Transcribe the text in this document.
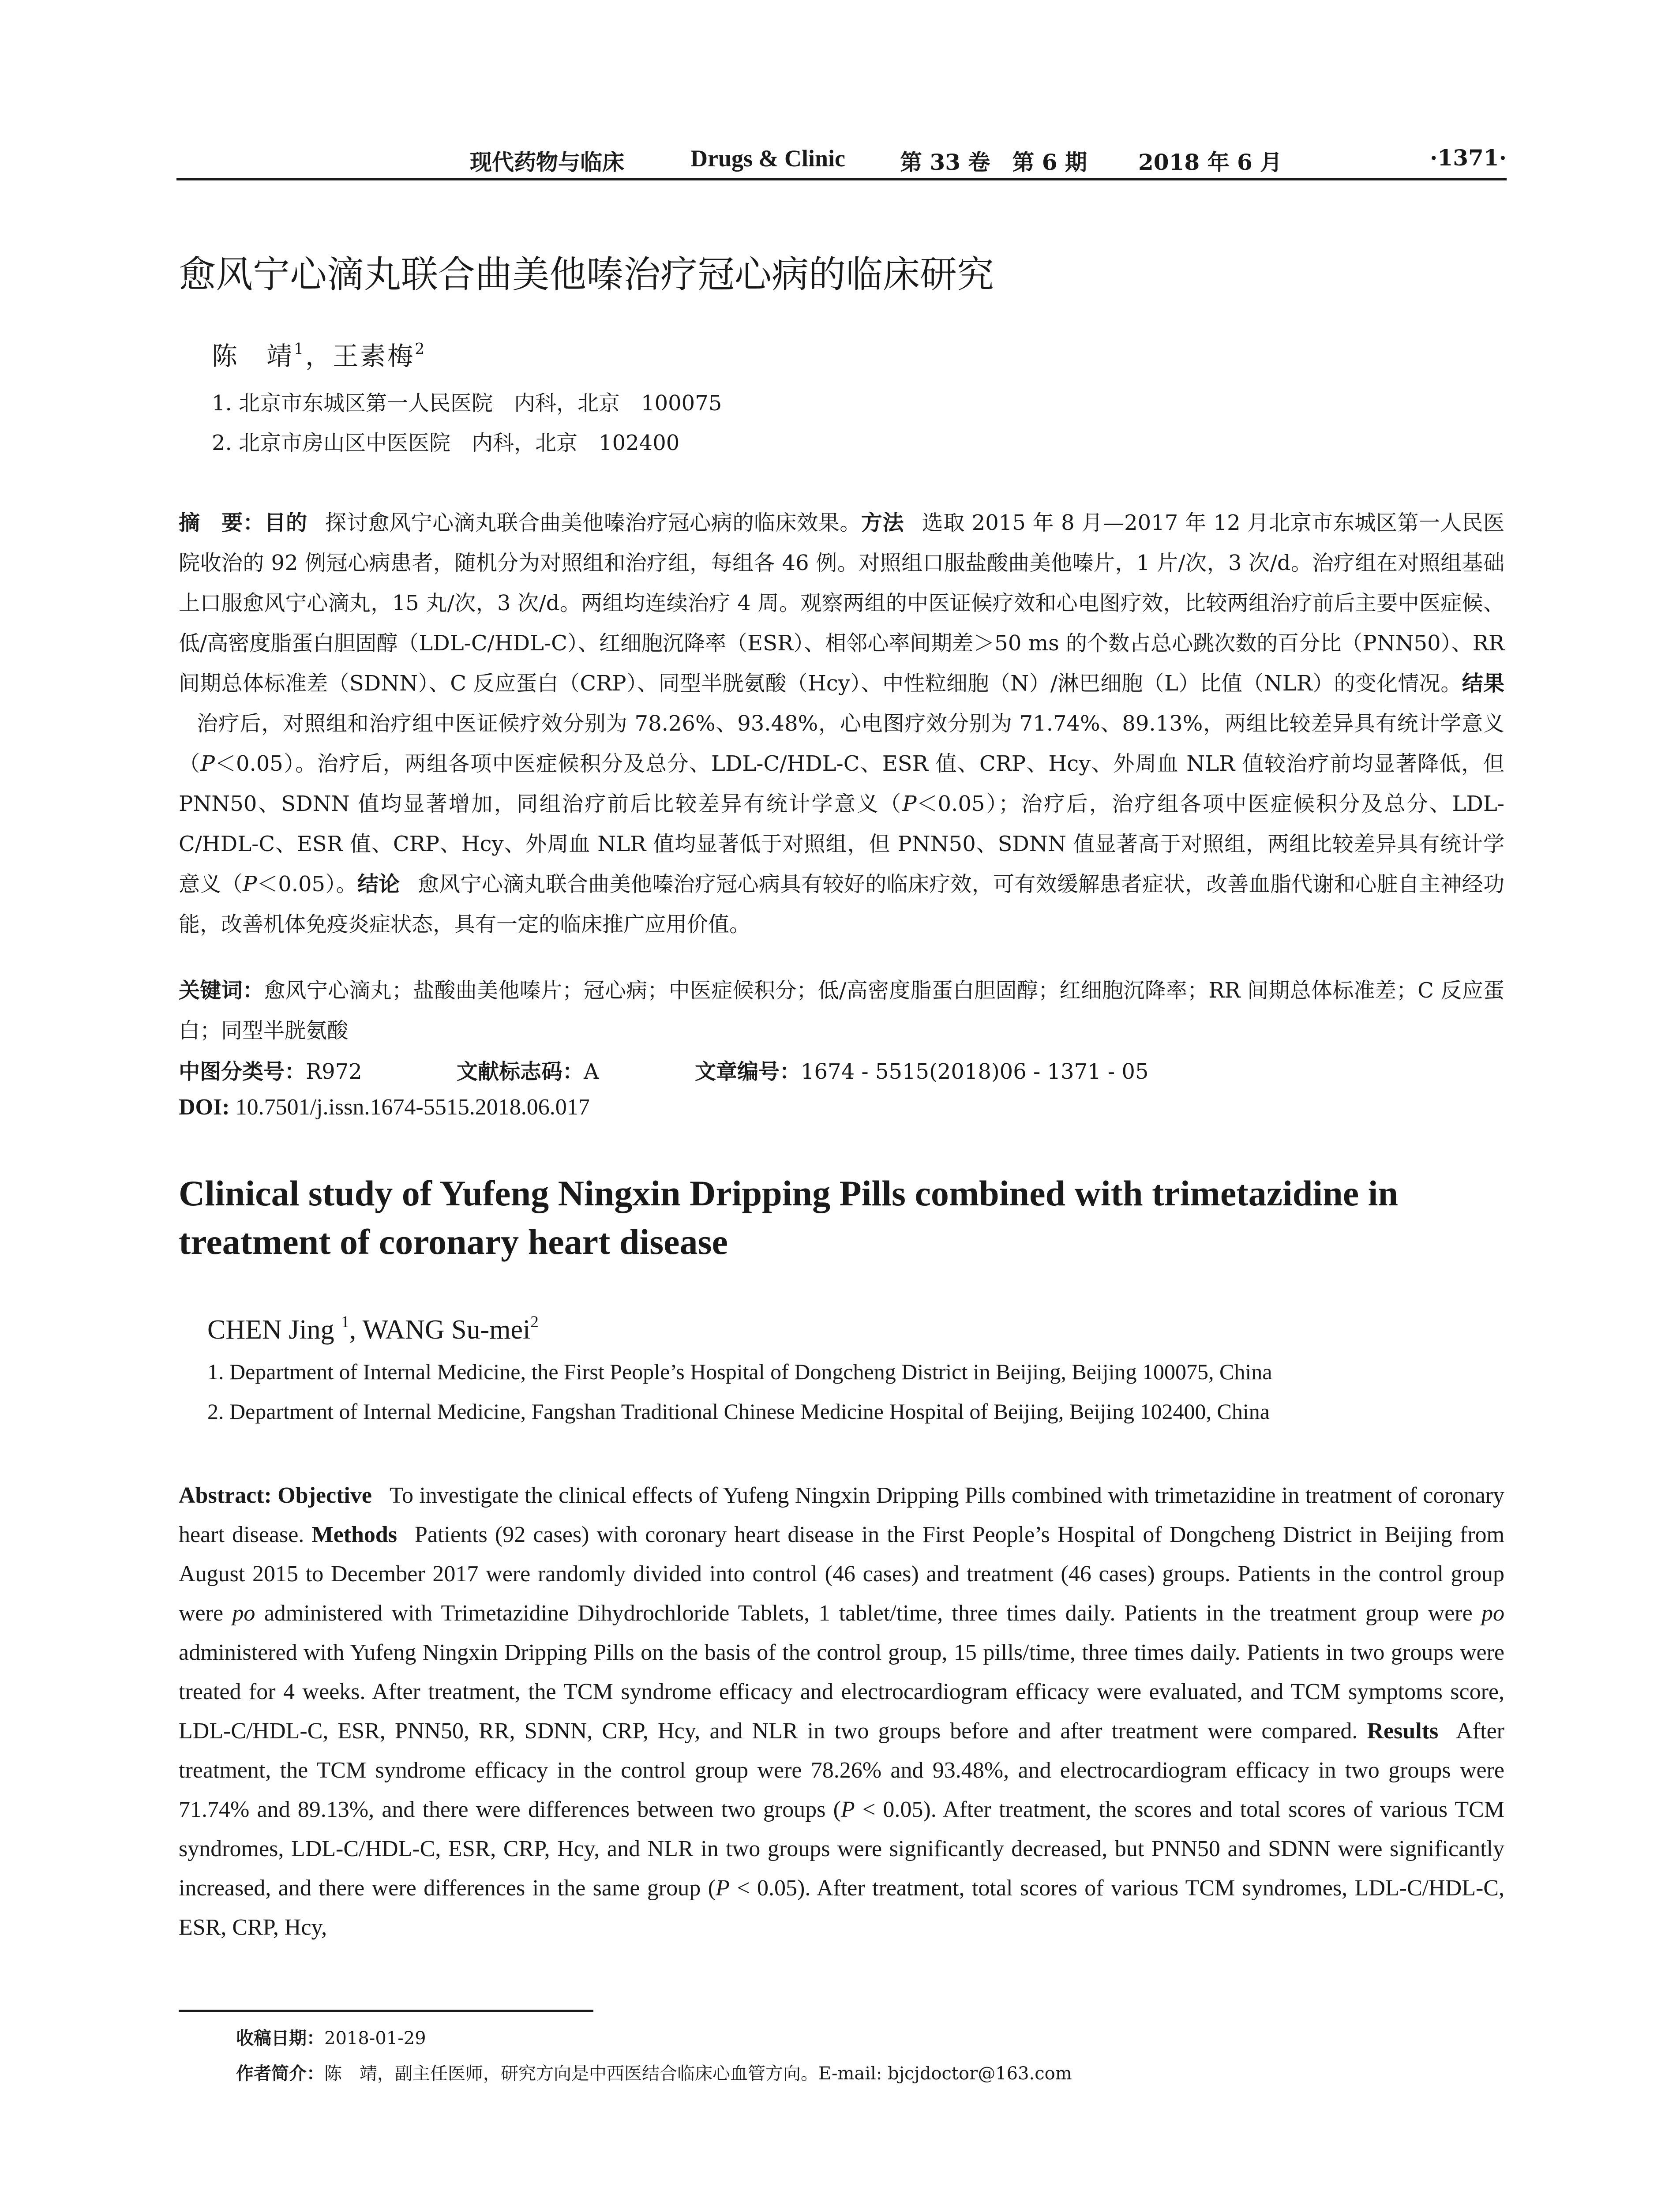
现代药物与临床	Drugs & Clinic 第 33 卷　第 6 期 2018 年 6 月	·1371·
愈风宁心滴丸联合曲美他嗪治疗冠心病的临床研究
陈　靖$^1$，王素梅$^2$
1. 北京市东城区第一人民医院　内科，北京　100075
2. 北京市房山区中医医院　内科，北京　102400
摘　要：目的 探讨愈风宁心滴丸联合曲美他嗪治疗冠心病的临床效果。方法 选取 2015 年 8 月—2017 年 12 月北京市东城区第一人民医院收治的 92 例冠心病患者，随机分为对照组和治疗组，每组各 46 例。对照组口服盐酸曲美他嗪片，1 片/次，3 次/d。治疗组在对照组基础上口服愈风宁心滴丸，15 丸/次，3 次/d。两组均连续治疗 4 周。观察两组的中医证候疗效和心电图疗效，比较两组治疗前后主要中医症候、低/高密度脂蛋白胆固醇（LDL-C/HDL-C）、红细胞沉降率（ESR）、相邻心率间期差＞50 ms 的个数占总心跳次数的百分比（PNN50）、RR 间期总体标准差（SDNN）、C 反应蛋白（CRP）、同型半胱氨酸（Hcy）、中性粒细胞（N）/淋巴细胞（L）比值（NLR）的变化情况。结果治疗后，对照组和治疗组中医证候疗效分别为 78.26%、93.48%，心电图疗效分别为 71.74%、89.13%，两组比较差异具有统计学意义（P＜0.05）。治疗后，两组各项中医症候积分及总分、LDL-C/HDL-C、ESR 值、CRP、Hcy、外周血 NLR 值较治疗前均显著降低，但 PNN50、SDNN 值均显著增加，同组治疗前后比较差异有统计学意义（P＜0.05）；治疗后，治疗组各项中医症候积分及总分、LDL-C/HDL-C、ESR 值、CRP、Hcy、外周血 NLR 值均显著低于对照组，但 PNN50、SDNN 值显著高于对照组，两组比较差异具有统计学意义（P＜0.05）。结论 愈风宁心滴丸联合曲美他嗪治疗冠心病具有较好的临床疗效，可有效缓解患者症状，改善血脂代谢和心脏自主神经功能，改善机体免疫炎症状态，具有一定的临床推广应用价值。
关键词：愈风宁心滴丸；盐酸曲美他嗪片；冠心病；中医症候积分；低/高密度脂蛋白胆固醇；红细胞沉降率；RR 间期总体标准差；C 反应蛋白；同型半胱氨酸
中图分类号：R972	文献标志码：A	文章编号：1674 - 5515(2018)06 - 1371 - 05
DOI: 10.7501/j.issn.1674-5515.2018.06.017
Clinical study of Yufeng Ningxin Dripping Pills combined with trimetazidine in treatment of coronary heart disease
CHEN Jing $^1$, WANG Su-mei$^2$
1. Department of Internal Medicine, the First People’s Hospital of Dongcheng District in Beijing, Beijing 100075, China
2. Department of Internal Medicine, Fangshan Traditional Chinese Medicine Hospital of Beijing, Beijing 102400, China
Abstract: Objective To investigate the clinical effects of Yufeng Ningxin Dripping Pills combined with trimetazidine in treatment of coronary heart disease. Methods Patients (92 cases) with coronary heart disease in the First People’s Hospital of Dongcheng District in Beijing from August 2015 to December 2017 were randomly divided into control (46 cases) and treatment (46 cases) groups. Patients in the control group were po administered with Trimetazidine Dihydrochloride Tablets, 1 tablet/time, three times daily. Patients in the treatment group were po administered with Yufeng Ningxin Dripping Pills on the basis of the control group, 15 pills/time, three times daily. Patients in two groups were treated for 4 weeks. After treatment, the TCM syndrome efficacy and electrocardiogram efficacy were evaluated, and TCM symptoms score, LDL-C/HDL-C, ESR, PNN50, RR, SDNN, CRP, Hcy, and NLR in two groups before and after treatment were compared. Results After treatment, the TCM syndrome efficacy in the control group were 78.26% and 93.48%, and electrocardiogram efficacy in two groups were 71.74% and 89.13%, and there were differences between two groups (P < 0.05). After treatment, the scores and total scores of various TCM syndromes, LDL-C/HDL-C, ESR, CRP, Hcy, and NLR in two groups were significantly decreased, but PNN50 and SDNN were significantly increased, and there were differences in the same group (P < 0.05). After treatment, total scores of various TCM syndromes, LDL-C/HDL-C, ESR, CRP, Hcy,
收稿日期：2018-01-29
作者简介：陈　靖，副主任医师，研究方向是中西医结合临床心血管方向。E-mail: bjcjdoctor@163.com
